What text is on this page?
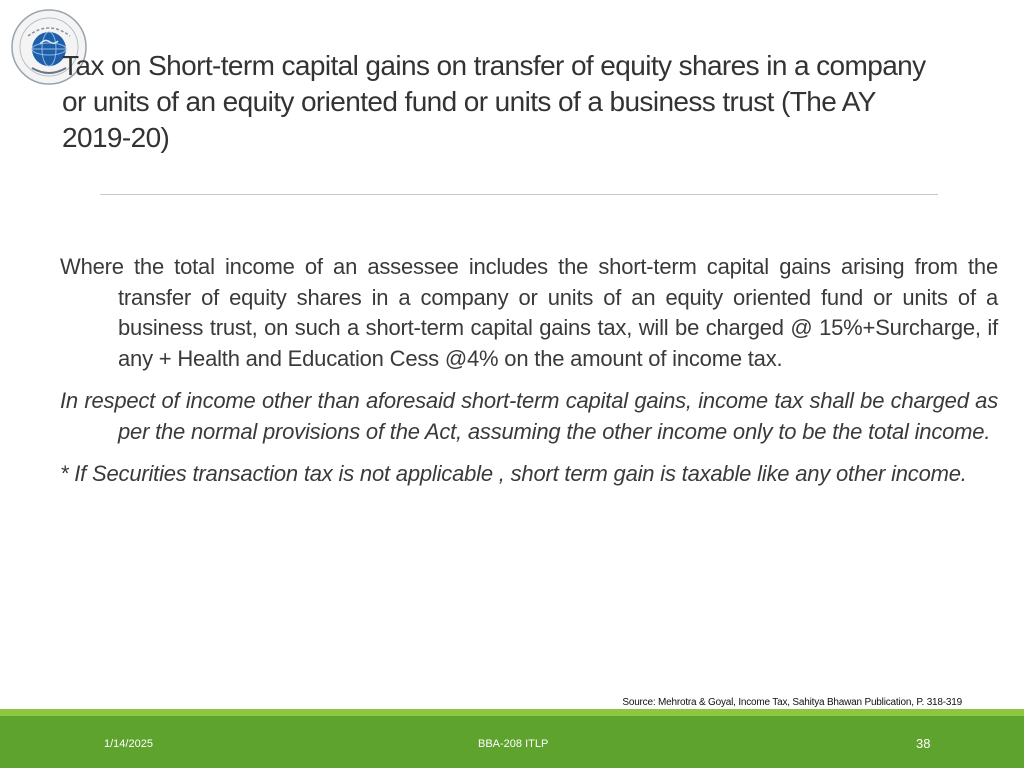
Tax on Short-term capital gains on transfer of equity shares in a company or units of an equity oriented fund or units of a business trust (The AY 2019-20)

Where the total income of an assessee includes the short-term capital gains arising from the transfer of equity shares in a company or units of an equity oriented fund or units of a business trust, on such a short-term capital gains tax, will be charged @ 15%+Surcharge, if any + Health and Education Cess @4% on the amount of income tax.

In respect of income other than aforesaid short-term capital gains, income tax shall be charged as per the normal provisions of the Act, assuming the other income only to be the total income.

* If Securities transaction tax is not applicable , short term gain is taxable like any other income.

Source: Mehrotra & Goyal, Income Tax, Sahitya Bhawan Publication, P. 318-319
1/14/2025	BBA-208 ITLP	38
